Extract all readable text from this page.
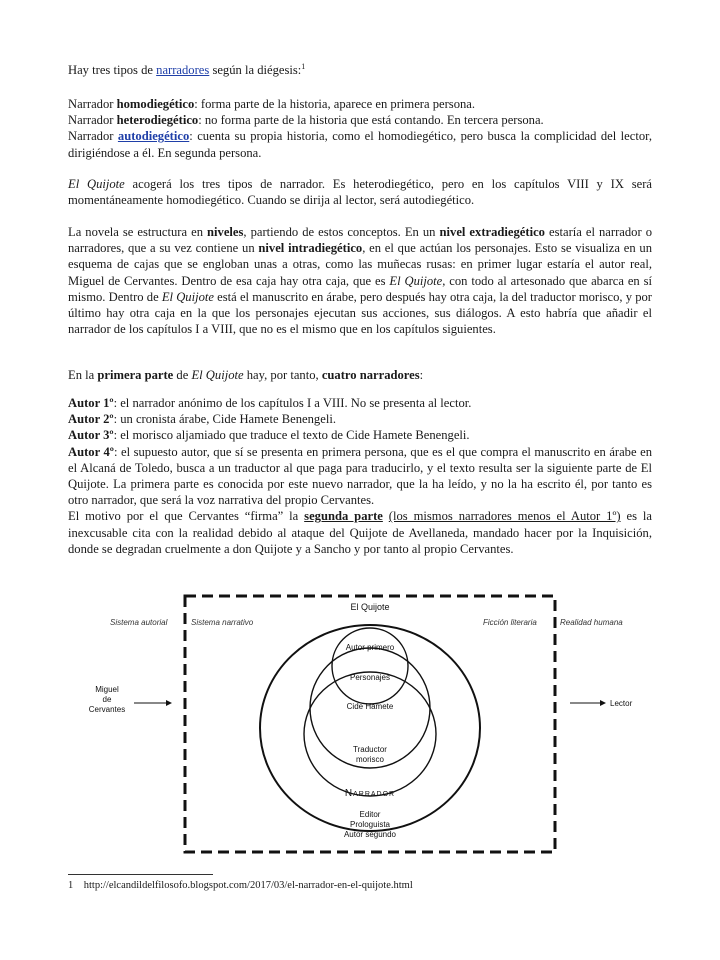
Hay tres tipos de narradores según la diégesis:$^1$

Narrador homodiegético: forma parte de la historia, aparece en primera persona.

Narrador heterodiegético: no forma parte de la historia que está contando. En tercera persona.

Narrador autodiegético: cuenta su propia historia, como el homodiegético, pero busca la complicidad del lector, dirigiéndose a él. En segunda persona.

El Quijote acogerá los tres tipos de narrador. Es heterodiegético, pero en los capítulos VIII y IX será momentáneamente homodiegético. Cuando se dirija al lector, será autodiegético.

La novela se estructura en niveles, partiendo de estos conceptos. En un nivel extradiegético estaría el narrador o narradores, que a su vez contiene un nivel intradiegético, en el que actúan los personajes. Esto se visualiza en un esquema de cajas que se engloban unas a otras, como las muñecas rusas: en primer lugar estaría el autor real, Miguel de Cervantes. Dentro de esa caja hay otra caja, que es El Quijote, con todo al artesonado que abarca en sí mismo. Dentro de El Quijote está el manuscrito en árabe, pero después hay otra caja, la del traductor morisco, y por último hay otra caja en la que los personajes ejecutan sus acciones, sus diálogos. A esto habría que añadir el narrador de los capítulos I a VIII, que no es el mismo que en los capítulos siguientes.

En la primera parte de El Quijote hay, por tanto, cuatro narradores:

Autor 1º: el narrador anónimo de los capítulos I a VIII. No se presenta al lector.

Autor 2º: un cronista árabe, Cide Hamete Benengeli.

Autor 3º: el morisco aljamiado que traduce el texto de Cide Hamete Benengeli.

Autor 4º: el supuesto autor, que sí se presenta en primera persona, que es el que compra el manuscrito en árabe en el Alcaná de Toledo, busca a un traductor al que paga para traducirlo, y el texto resulta ser la siguiente parte de El Quijote. La primera parte es conocida por este nuevo narrador, que la ha leído, y no la ha escrito él, por tanto es otro narrador, que será la voz narrativa del propio Cervantes.

El motivo por el que Cervantes “firma” la segunda parte (los mismos narradores menos el Autor 1º) es la inexcusable cita con la realidad debido al ataque del Quijote de Avellaneda, mandado hacer por la Inquisición, donde se degradan cruelmente a don Quijote y a Sancho y por tanto al propio Cervantes.

El Quijote
Sistema autorial	Sistema narrativo	Ficción literaria	Realidad humana
Miguel
de
Cervantes
Lector
Autor primero
Personajes
Cide Hamete
Traductor
morisco
Narrador
Editor
Prologuista
Autor segundo
1 http://elcandildelfilosofo.blogspot.com/2017/03/el-narrador-en-el-quijote.html
